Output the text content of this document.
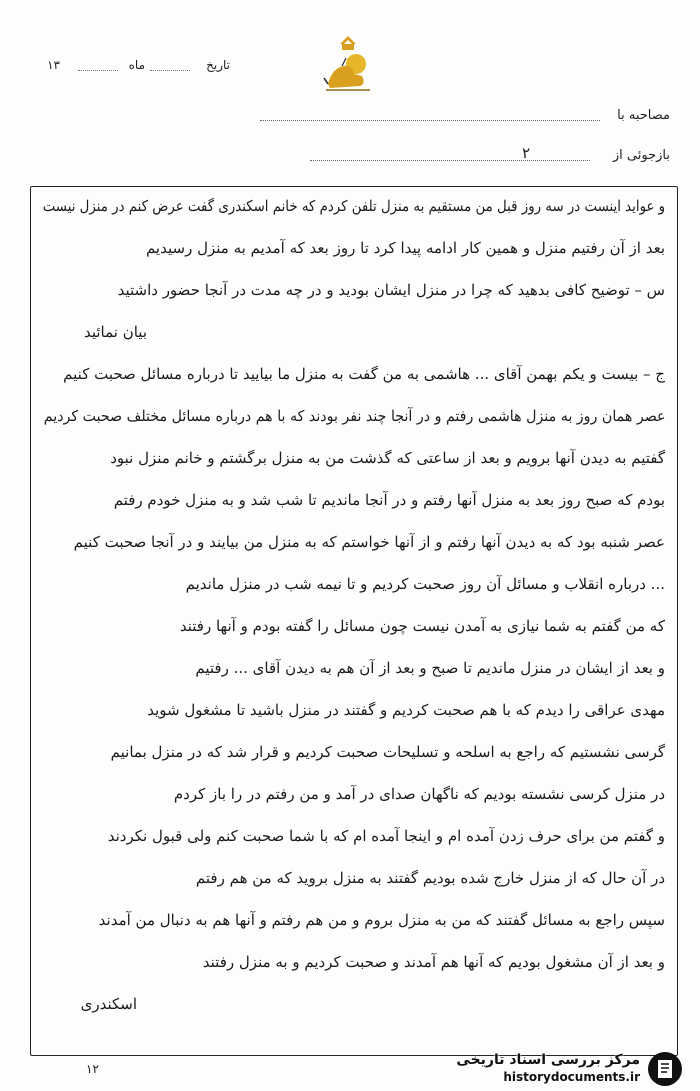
تاریخ
ماه
۱۳
مصاحبه با
بازجوئی از
۲
و عواید اینست در سه روز قبل من مستقیم به منزل تلفن کردم که خانم اسکندری گفت عرض کنم در منزل نیست
بعد از آن رفتیم منزل و همین کار ادامه پیدا کرد تا روز بعد که آمدیم به منزل رسیدیم
س – توضیح کافی بدهید که چرا در منزل ایشان بودید و در چه مدت در آنجا حضور داشتید
بیان نمائید
ج – بیست و یکم بهمن آقای ... هاشمی به من گفت به منزل ما بیایید تا درباره مسائل صحبت کنیم
عصر همان روز به منزل هاشمی رفتم و در آنجا چند نفر بودند که با هم درباره مسائل مختلف صحبت کردیم
گفتیم به دیدن آنها برویم و بعد از ساعتی که گذشت من به منزل برگشتم و خانم منزل نبود
بودم که صبح روز بعد به منزل آنها رفتم و در آنجا ماندیم تا شب شد و به منزل خودم رفتم
عصر شنبه بود که به دیدن آنها رفتم و از آنها خواستم که به منزل من بیایند و در آنجا صحبت کنیم
... درباره انقلاب و مسائل آن روز صحبت کردیم و تا نیمه شب در منزل ماندیم
که من گفتم به شما نیازی به آمدن نیست چون مسائل را گفته بودم و آنها رفتند
و بعد از ایشان در منزل ماندیم تا صبح و بعد از آن هم به دیدن آقای ... رفتیم
مهدی عراقی را دیدم که با هم صحبت کردیم و گفتند در منزل باشید تا مشغول شوید
گرسی نشستیم که راجع به اسلحه و تسلیحات صحبت کردیم و قرار شد که در منزل بمانیم
در منزل کرسی نشسته بودیم که ناگهان صدای در آمد و من رفتم در را باز کردم
و گفتم من برای حرف زدن آمده ام و اینجا آمده ام که با شما صحبت کنم ولی قبول نکردند
در آن حال که از منزل خارج شده بودیم گفتند به منزل بروید که من هم رفتم
سپس راجع به مسائل گفتند که من به منزل بروم و من هم رفتم و آنها هم به دنبال من آمدند
و بعد از آن مشغول بودیم که آنها هم آمدند و صحبت کردیم و به منزل رفتند
اسکندری
۱۲
مرکز بررسی اسناد تاریخی
historydocuments.ir
